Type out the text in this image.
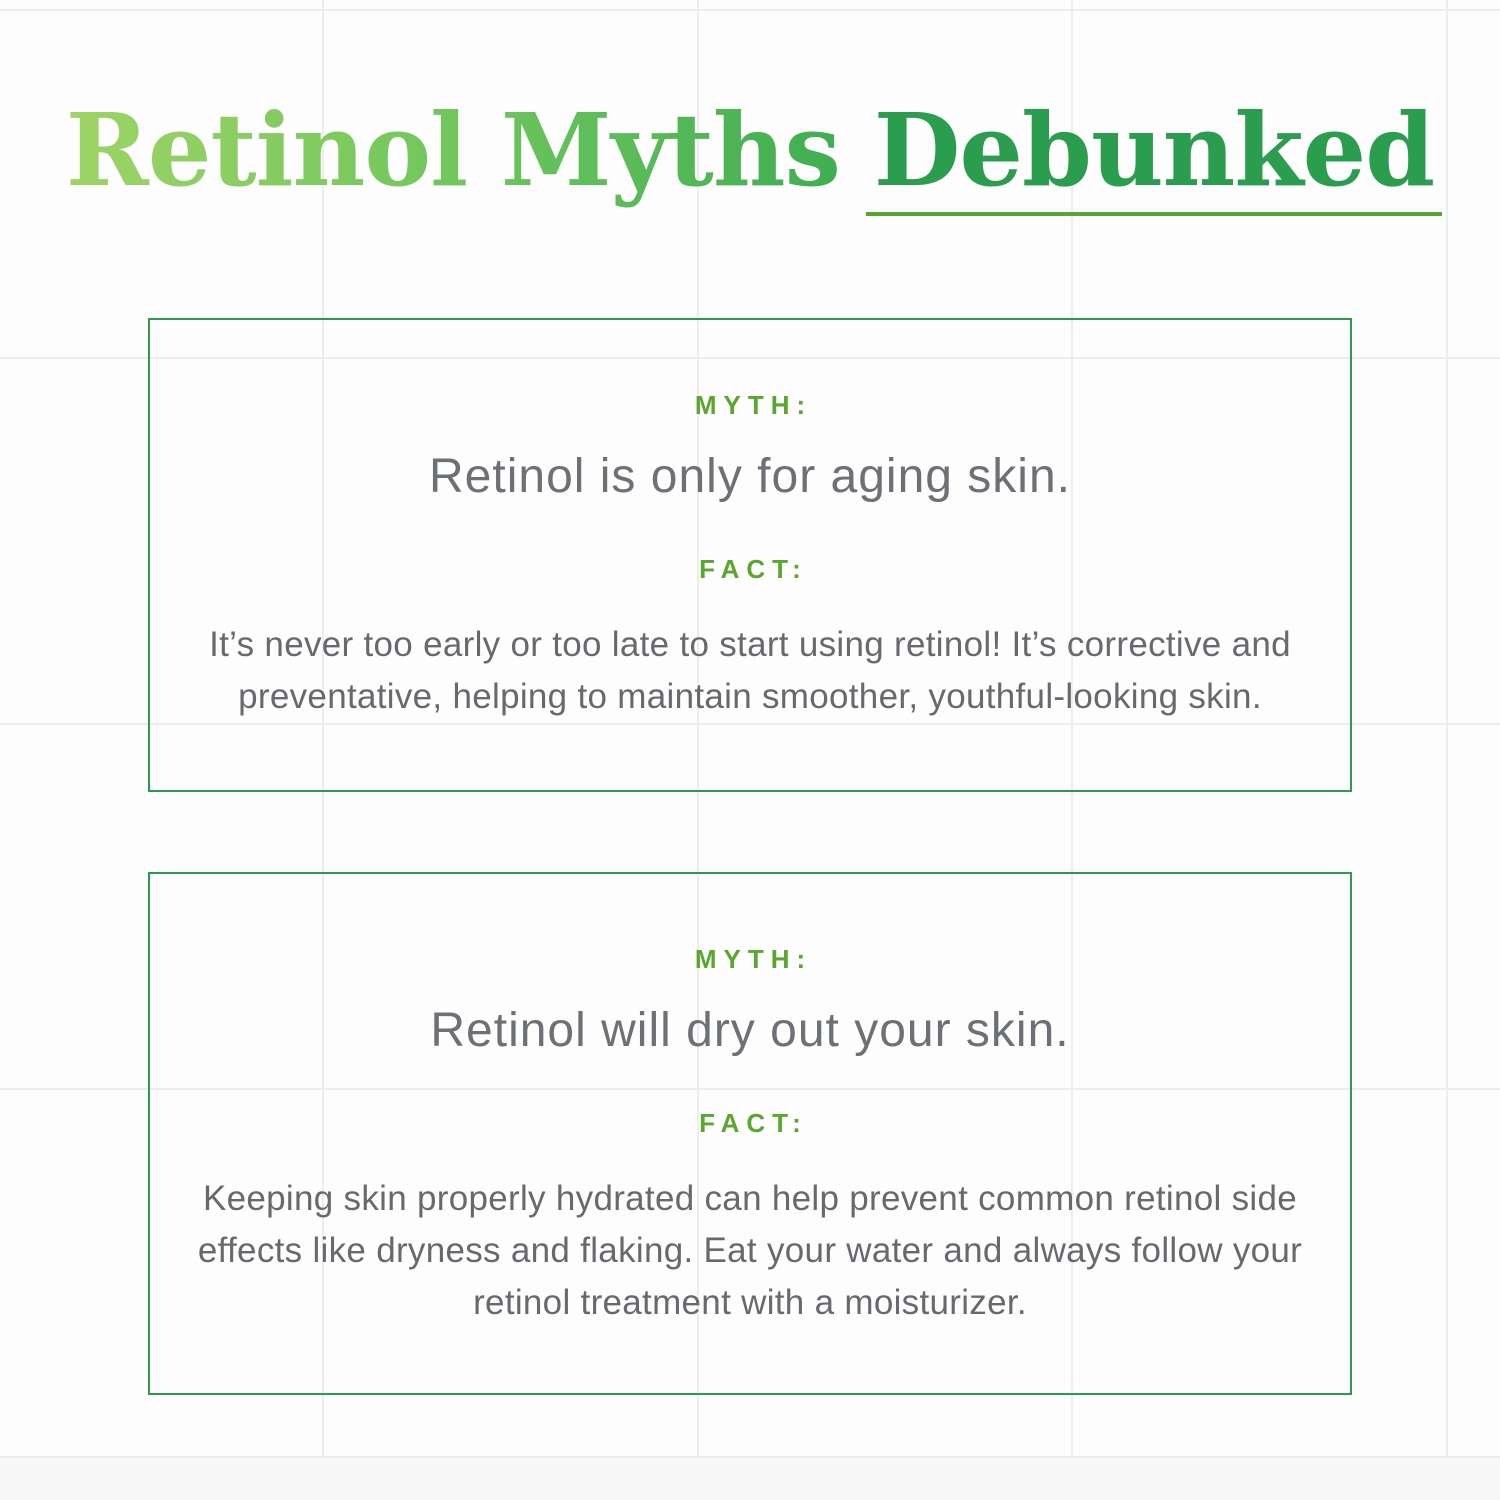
Retinol Myths Debunked
MYTH:
Retinol is only for aging skin.
FACT:
It’s never too early or too late to start using retinol! It’s corrective and
preventative, helping to maintain smoother, youthful-looking skin.
MYTH:
Retinol will dry out your skin.
FACT:
Keeping skin properly hydrated can help prevent common retinol side
effects like dryness and flaking. Eat your water and always follow your
retinol treatment with a moisturizer.
